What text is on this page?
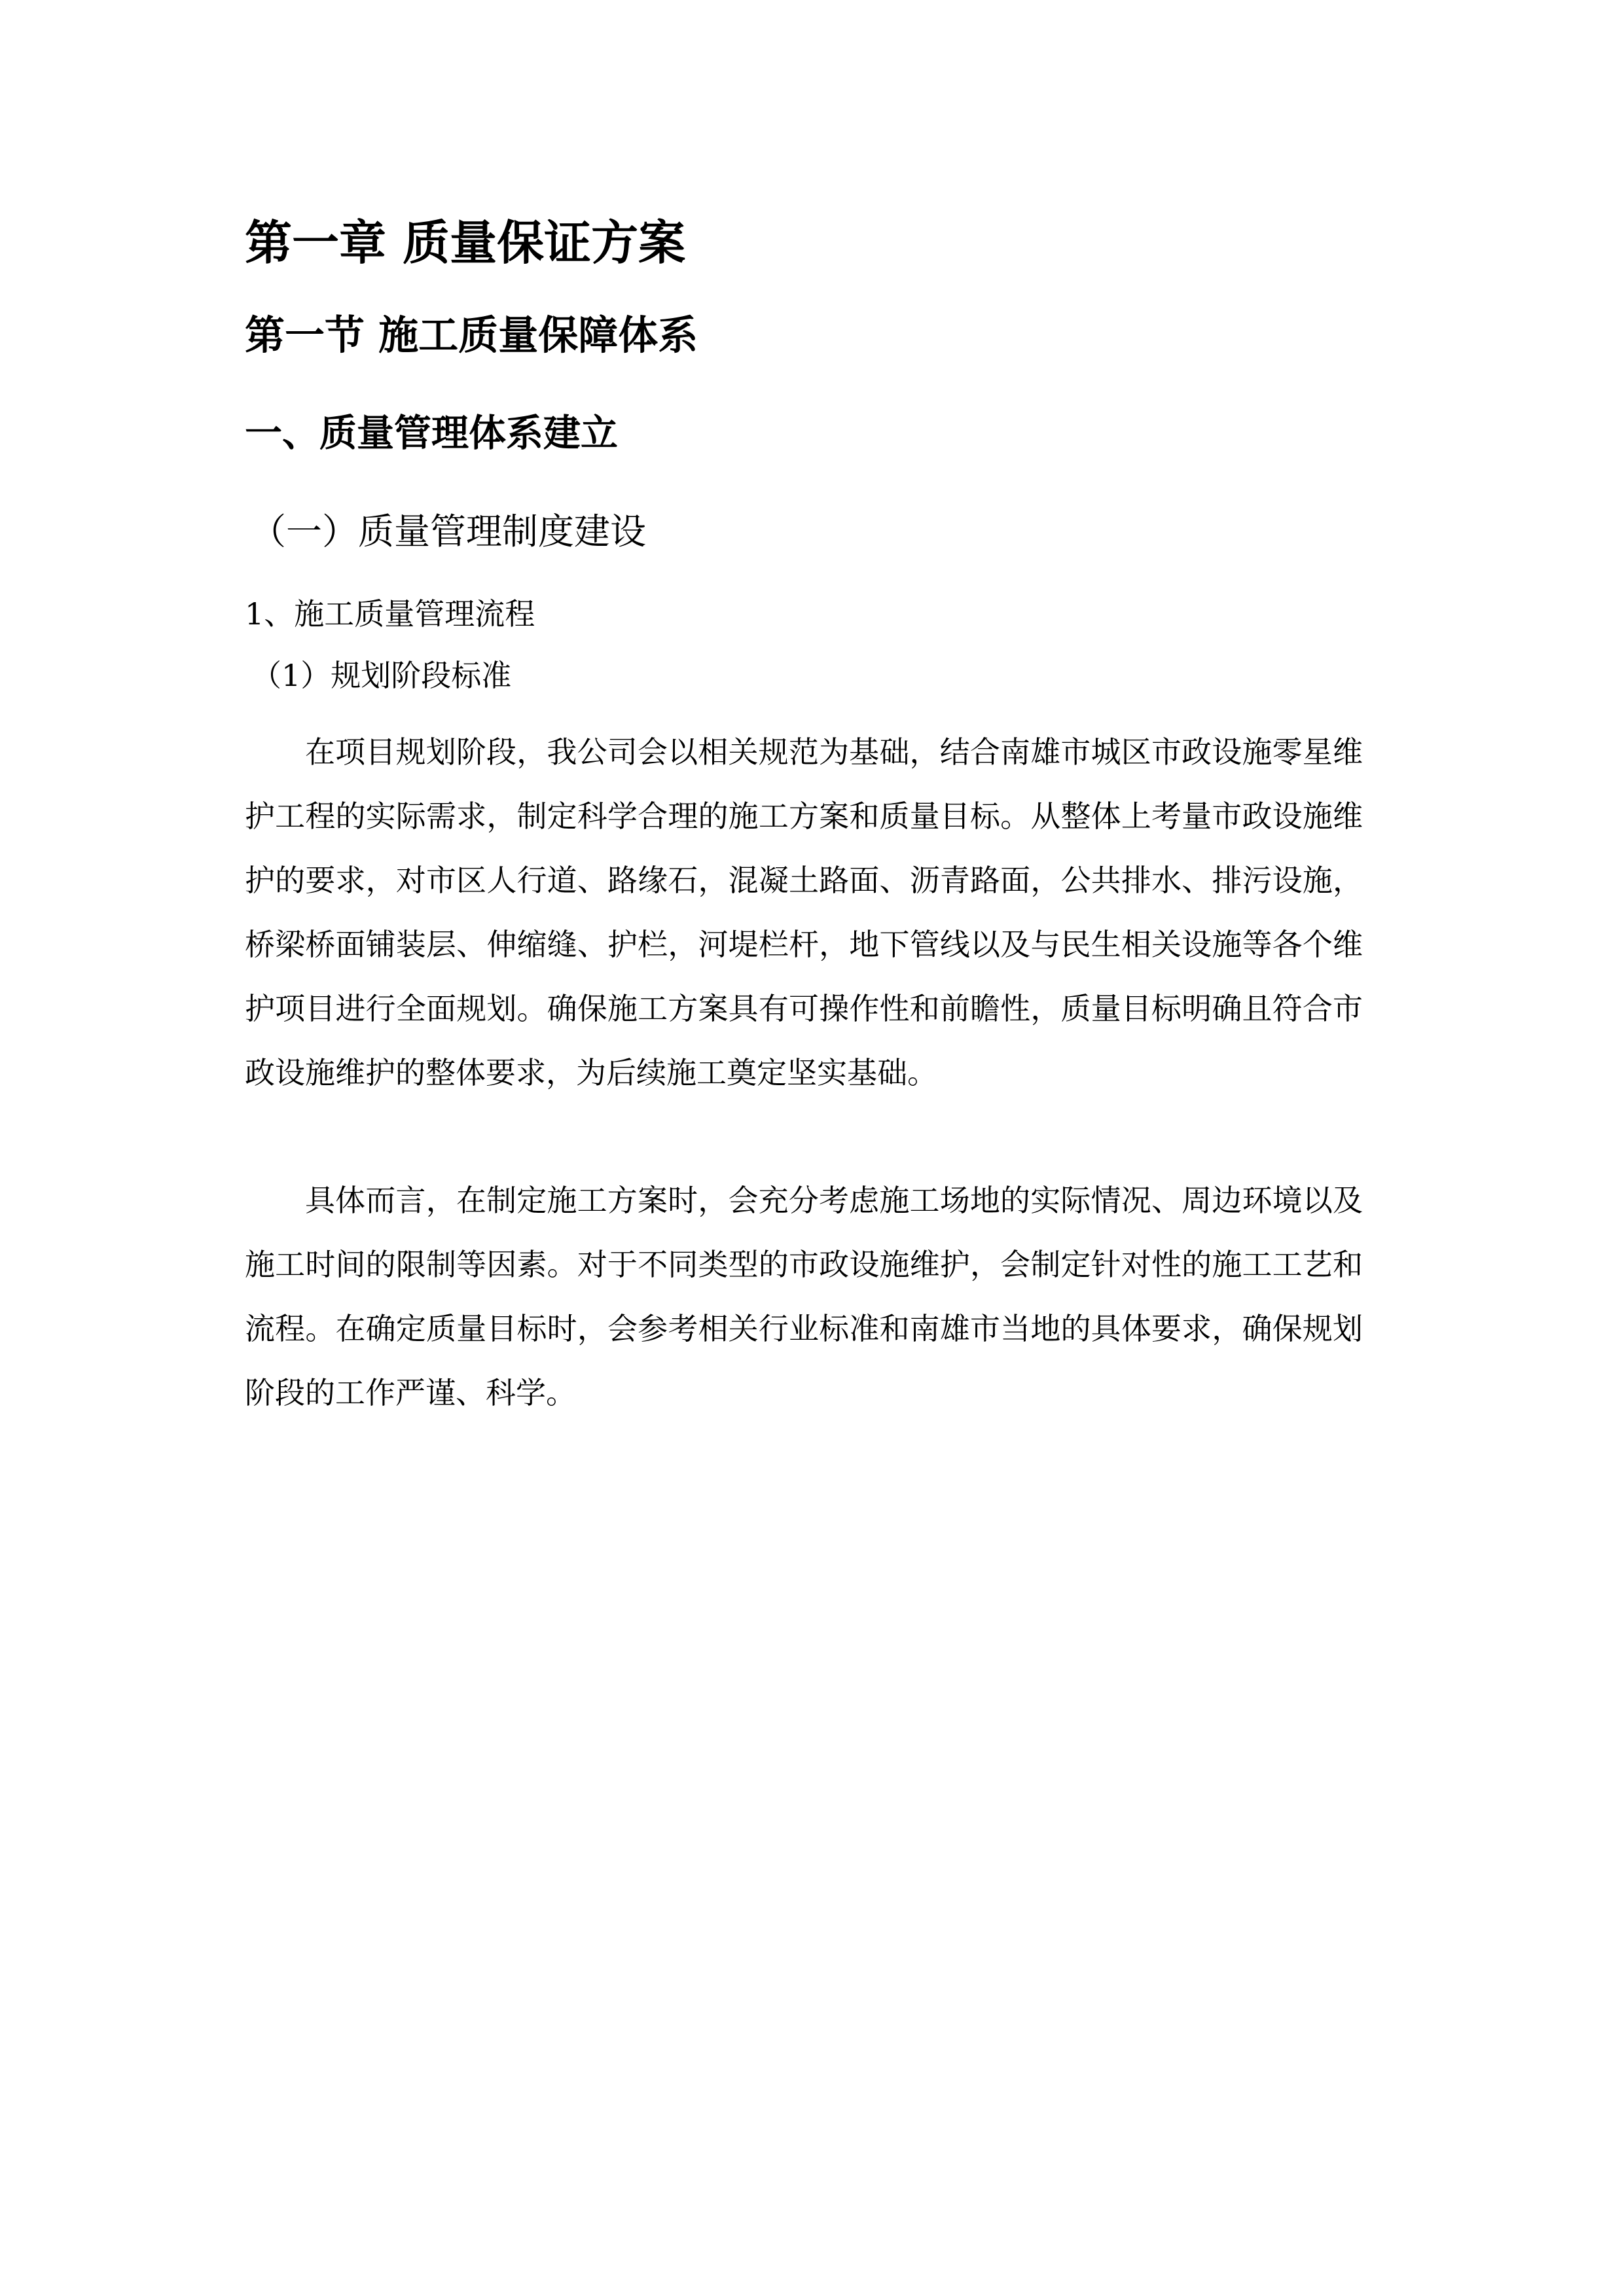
第一章 质量保证方案
第一节 施工质量保障体系
一、质量管理体系建立
（一）质量管理制度建设
1、施工质量管理流程
（1）规划阶段标准

在项目规划阶段，我公司会以相关规范为基础，结合南雄市城区市政设施零星维护工程的实际需求，制定科学合理的施工方案和质量目标。从整体上考量市政设施维护的要求，对市区人行道、路缘石，混凝土路面、沥青路面，公共排水、排污设施，桥梁桥面铺装层、伸缩缝、护栏，河堤栏杆，地下管线以及与民生相关设施等各个维护项目进行全面规划。确保施工方案具有可操作性和前瞻性，质量目标明确且符合市政设施维护的整体要求，为后续施工奠定坚实基础。

具体而言，在制定施工方案时，会充分考虑施工场地的实际情况、周边环境以及施工时间的限制等因素。对于不同类型的市政设施维护，会制定针对性的施工工艺和流程。在确定质量目标时，会参考相关行业标准和南雄市当地的具体要求，确保规划阶段的工作严谨、科学。
